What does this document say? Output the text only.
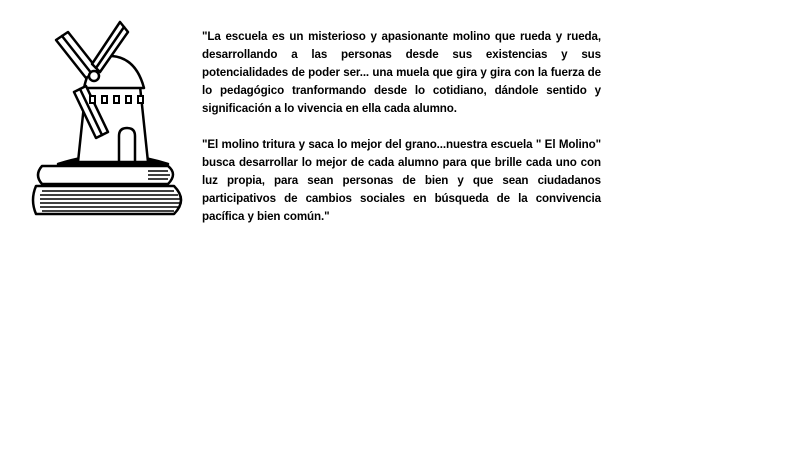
"La escuela es un misterioso y apasionante molino que rueda y rueda, desarrollando a las personas desde sus existencias y sus potencialidades de poder ser... una muela que gira y gira con la fuerza de lo pedagógico tranformando desde lo cotidiano, dándole sentido y significación a lo vivencia en ella cada alumno.

"El molino tritura y saca lo mejor del grano...nuestra escuela " El Molino" busca desarrollar lo mejor de cada alumno para que brille cada uno con luz propia, para sean personas de bien y que sean ciudadanos participativos de cambios sociales en búsqueda de la convivencia pacífica y bien común."
